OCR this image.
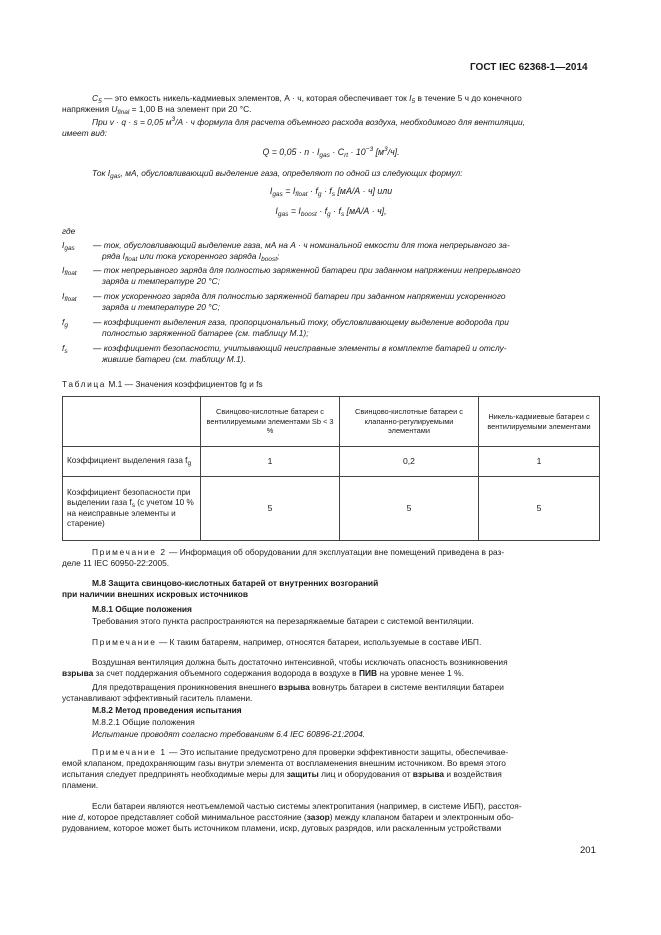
ГОСТ IEC 62368-1—2014
$C_5$ — это емкость никель-кадмиевых элементов, А · ч, которая обеспечивает ток $I_5$ в течение 5 ч до конечного
напряжения $U_{final} = 1,00$ В на элемент при 20 °С.
При v · q · s = 0,05 $м^3/А \cdot ч$ формула для расчета объемного расхода воздуха, необходимого для вентиляции,
имеет вид:
$Q = 0,05 \cdot n \cdot I_{gas} \cdot C_{rt} \cdot 10^{-3}$ $[м^3/ч]$.
Ток $I_{gas}$, мА, обусловливающий выделение газа, определяют по одной из следующих формул:
$I_{gas} = I_{float} \cdot f_g \cdot f_s$ [мА/А · ч] или
$I_{gas} = I_{boost} \cdot f_g \cdot f_s$ [мА/А · ч],
где
$I_{gas}$	— ток, обусловливающий выделение газа, мА на А · ч номинальной емкости для тока непрерывного за-
ряда $I_{float}$ или тока ускоренного заряда $I_{boost}$;
$I_{float}$	— ток непрерывного заряда для полностью заряженной батареи при заданном напряжении непрерывного
заряда и температуре 20 °С;
$I_{float}$	— ток ускоренного заряда для полностью заряженной батареи при заданном напряжении ускоренного
заряда и температуре 20 °С;
$f_g$	— коэффициент выделения газа, пропорциональный току, обусловливающему выделение водорода при
полностью заряженной батарее (см. таблицу М.1);
$f_s$	— коэффициент безопасности, учитывающий неисправные элементы в комплекте батарей и отслу-
жившие батареи (см. таблицу М.1).
Таблица М.1 — Значения коэффициентов fg и fs
	Свинцово-кислотные батареи с вентилируемыми элементами Sb < 3 %	Свинцово-кислотные батареи с клапанно-регулируемыми элементами	Никель-кадмиевые батареи с вентилируемыми элементами
Коэффициент выделения газа $f_g$	1	0,2	1
Коэффициент безопасности при выделении газа $f_s$ (с учетом 10 % на неисправные элементы и старение)	5	5	5
Примечание 2 — Информация об оборудовании для эксплуатации вне помещений приведена в раз-
деле 11 IEC 60950-22:2005.
М.8 Защита свинцово-кислотных батарей от внутренних возгораний
при наличии внешних искровых источников
М.8.1 Общие положения
Требования этого пункта распространяются на перезаряжаемые батареи с системой вентиляции.
Примечание — К таким батареям, например, относятся батареи, используемые в составе ИБП.
Воздушная вентиляция должна быть достаточно интенсивной, чтобы исключать опасность возникновения
взрыва за счет поддержания объемного содержания водорода в воздухе в ПИВ на уровне менее 1 %.
Для предотвращения проникновения внешнего взрыва вовнутрь батареи в системе вентиляции батареи
устанавливают эффективный гаситель пламени.
М.8.2 Метод проведения испытания
М.8.2.1 Общие положения
Испытание проводят согласно требованиям 6.4 IEC 60896-21:2004.
Примечание 1 — Это испытание предусмотрено для проверки эффективности защиты, обеспечивае-
емой клапаном, предохраняющим газы внутри элемента от воспламенения внешним источником. Во время этого
испытания следует предпринять необходимые меры для защиты лиц и оборудования от взрыва и воздействия
пламени.
Если батареи являются неотъемлемой частью системы электропитания (например, в системе ИБП), расстоя-
ние d, которое представляет собой минимальное расстояние (зазор) между клапаном батареи и электронным обо-
рудованием, которое может быть источником пламени, искр, дуговых разрядов, или раскаленным устройствами
201
